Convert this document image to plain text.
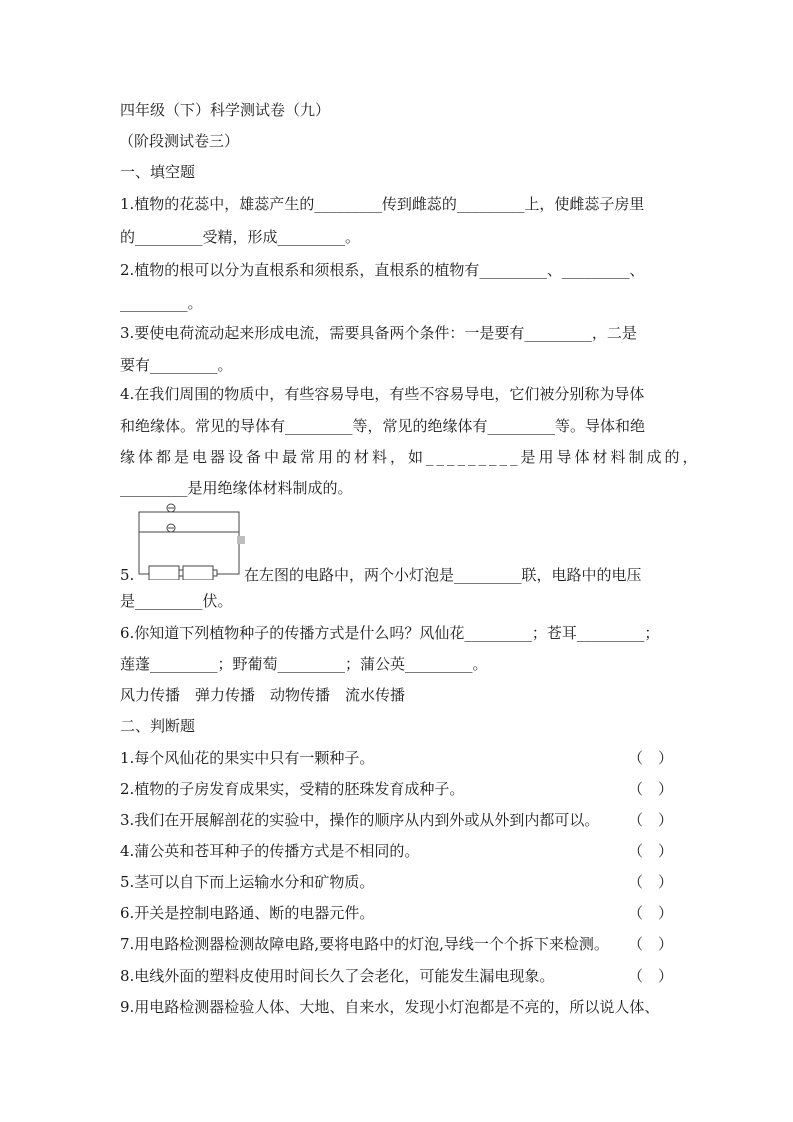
四年级（下）科学测试卷（九）
（阶段测试卷三）
一、填空题
1.植物的花蕊中，雄蕊产生的_________传到雌蕊的_________上，使雌蕊子房里
的_________受精，形成_________。
2.植物的根可以分为直根系和须根系，直根系的植物有_________、_________、
_________。
3.要使电荷流动起来形成电流，需要具备两个条件：一是要有_________，二是
要有_________。
4.在我们周围的物质中，有些容易导电，有些不容易导电，它们被分别称为导体
和绝缘体。常见的导体有_________等，常见的绝缘体有_________等。导体和绝
缘体都是电器设备中最常用的材料，如_________是用导体材料制成的，
_________是用绝缘体材料制成的。
5.	在左图的电路中，两个小灯泡是_________联，电路中的电压
是_________伏。
6.你知道下列植物种子的传播方式是什么吗？风仙花_________；苍耳_________；
莲蓬_________；野葡萄_________；蒲公英_________。
风力传播　弹力传播　动物传播　流水传播
二、判断题
1.每个风仙花的果实中只有一颗种子。	（　）
2.植物的子房发育成果实，受精的胚珠发育成种子。	（　）
3.我们在开展解剖花的实验中，操作的顺序从内到外或从外到内都可以。 （　）
4.蒲公英和苍耳种子的传播方式是不相同的。	（　）
5.茎可以自下而上运输水分和矿物质。	（　）
6.开关是控制电路通、断的电器元件。	（　）
7.用电路检测器检测故障电路,要将电路中的灯泡,导线一个个拆下来检测。 （　）
8.电线外面的塑料皮使用时间长久了会老化，可能发生漏电现象。	（　）
9.用电路检测器检验人体、大地、自来水，发现小灯泡都是不亮的，所以说人体、
